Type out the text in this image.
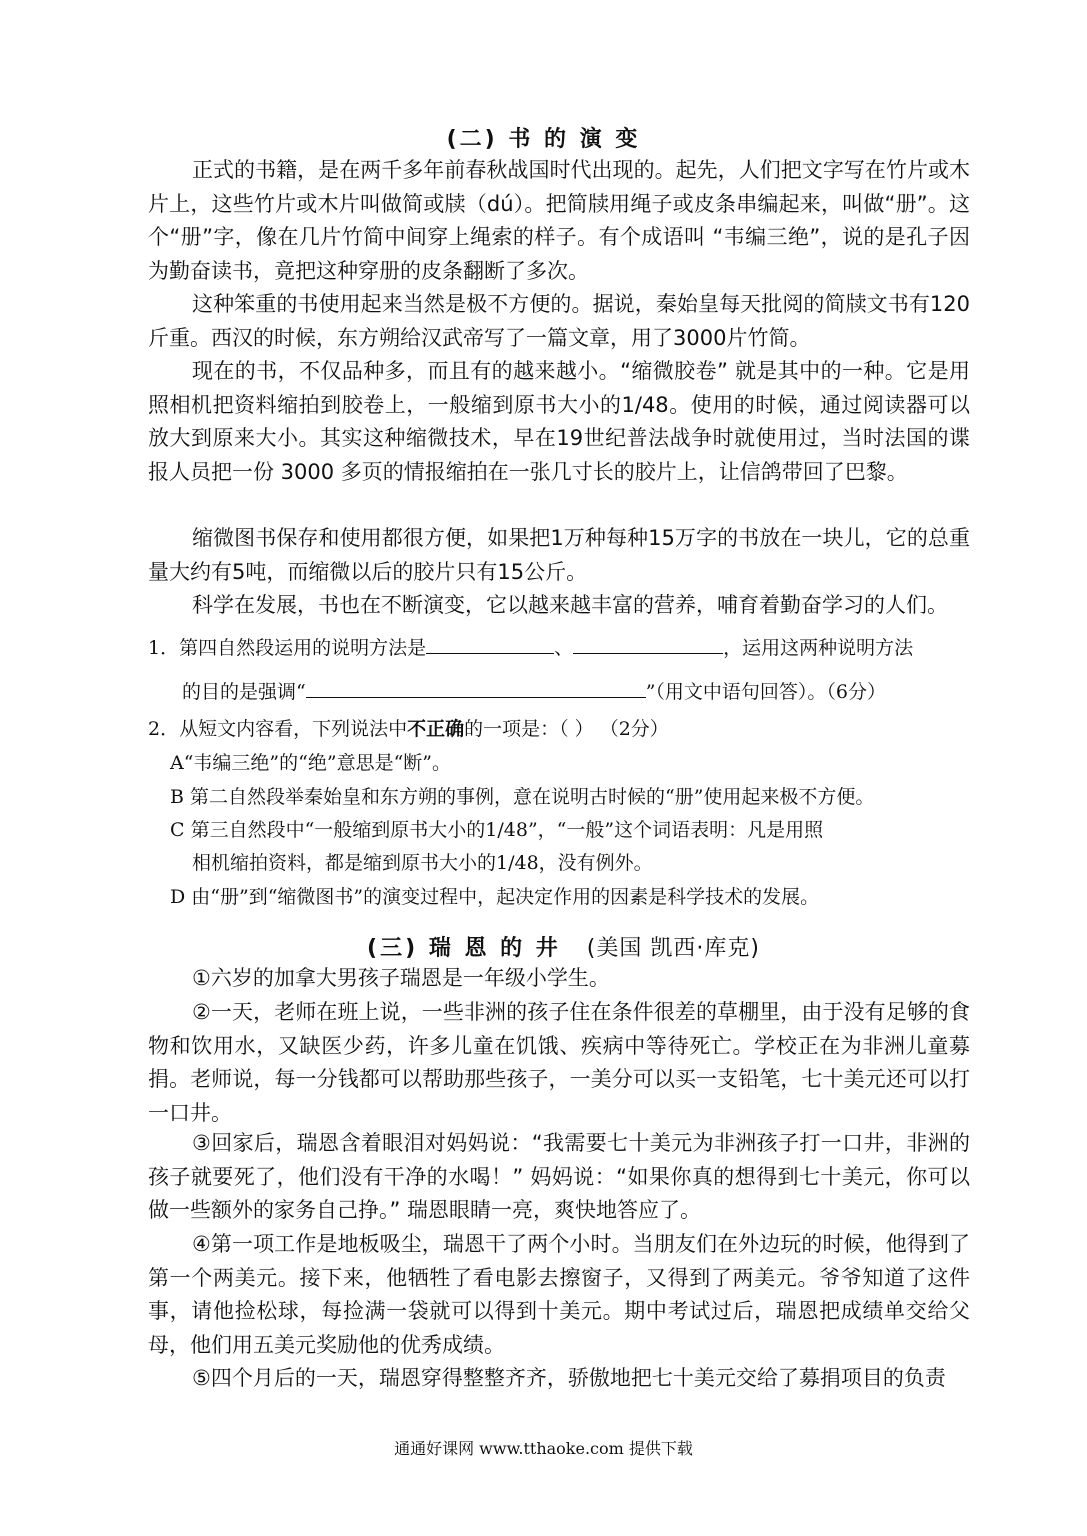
(二) 书 的 演 变

正式的书籍，是在两千多年前春秋战国时代出现的。起先，人们把文字写在竹片或木片上，这些竹片或木片叫做简或牍（dú）。把简牍用绳子或皮条串编起来，叫做“册”。这个“册”字，像在几片竹简中间穿上绳索的样子。有个成语叫 “韦编三绝”，说的是孔子因为勤奋读书，竟把这种穿册的皮条翻断了多次。

这种笨重的书使用起来当然是极不方便的。据说，秦始皇每天批阅的简牍文书有120斤重。西汉的时候，东方朔给汉武帝写了一篇文章，用了3000片竹简。

现在的书，不仅品种多，而且有的越来越小。“缩微胶卷” 就是其中的一种。它是用照相机把资料缩拍到胶卷上，一般缩到原书大小的1/48。使用的时候，通过阅读器可以放大到原来大小。其实这种缩微技术，早在19世纪普法战争时就使用过，当时法国的谍报人员把一份 3000 多页的情报缩拍在一张几寸长的胶片上，让信鸽带回了巴黎。

缩微图书保存和使用都很方便，如果把1万种每种15万字的书放在一块儿，它的总重量大约有5吨，而缩微以后的胶片只有15公斤。

科学在发展，书也在不断演变，它以越来越丰富的营养，哺育着勤奋学习的人们。

1．第四自然段运用的说明方法是	、	，运用这两种说明方法
的目的是强调“	”（用文中语句回答）。（6分）
2．从短文内容看，下列说法中不正确的一项是：（ ） （2分）
A“韦编三绝”的“绝”意思是“断”。
B 第二自然段举秦始皇和东方朔的事例，意在说明古时候的“册”使用起来极不方便。
C 第三自然段中“一般缩到原书大小的1/48”，“一般”这个词语表明：凡是用照
相机缩拍资料，都是缩到原书大小的1/48，没有例外。
D 由“册”到“缩微图书”的演变过程中，起决定作用的因素是科学技术的发展。
(三) 瑞 恩 的 井 (美国 凯西·库克)

①六岁的加拿大男孩子瑞恩是一年级小学生。

②一天，老师在班上说，一些非洲的孩子住在条件很差的草棚里，由于没有足够的食物和饮用水，又缺医少药，许多儿童在饥饿、疾病中等待死亡。学校正在为非洲儿童募捐。老师说，每一分钱都可以帮助那些孩子，一美分可以买一支铅笔，七十美元还可以打一口井。

③回家后，瑞恩含着眼泪对妈妈说：“我需要七十美元为非洲孩子打一口井，非洲的孩子就要死了，他们没有干净的水喝！” 妈妈说：“如果你真的想得到七十美元，你可以做一些额外的家务自己挣。” 瑞恩眼睛一亮，爽快地答应了。

④第一项工作是地板吸尘，瑞恩干了两个小时。当朋友们在外边玩的时候，他得到了第一个两美元。接下来，他牺牲了看电影去擦窗子，又得到了两美元。爷爷知道了这件事，请他捡松球，每捡满一袋就可以得到十美元。期中考试过后，瑞恩把成绩单交给父母，他们用五美元奖励他的优秀成绩。

⑤四个月后的一天，瑞恩穿得整整齐齐，骄傲地把七十美元交给了募捐项目的负责

通通好课网 www.tthaoke.com 提供下载
